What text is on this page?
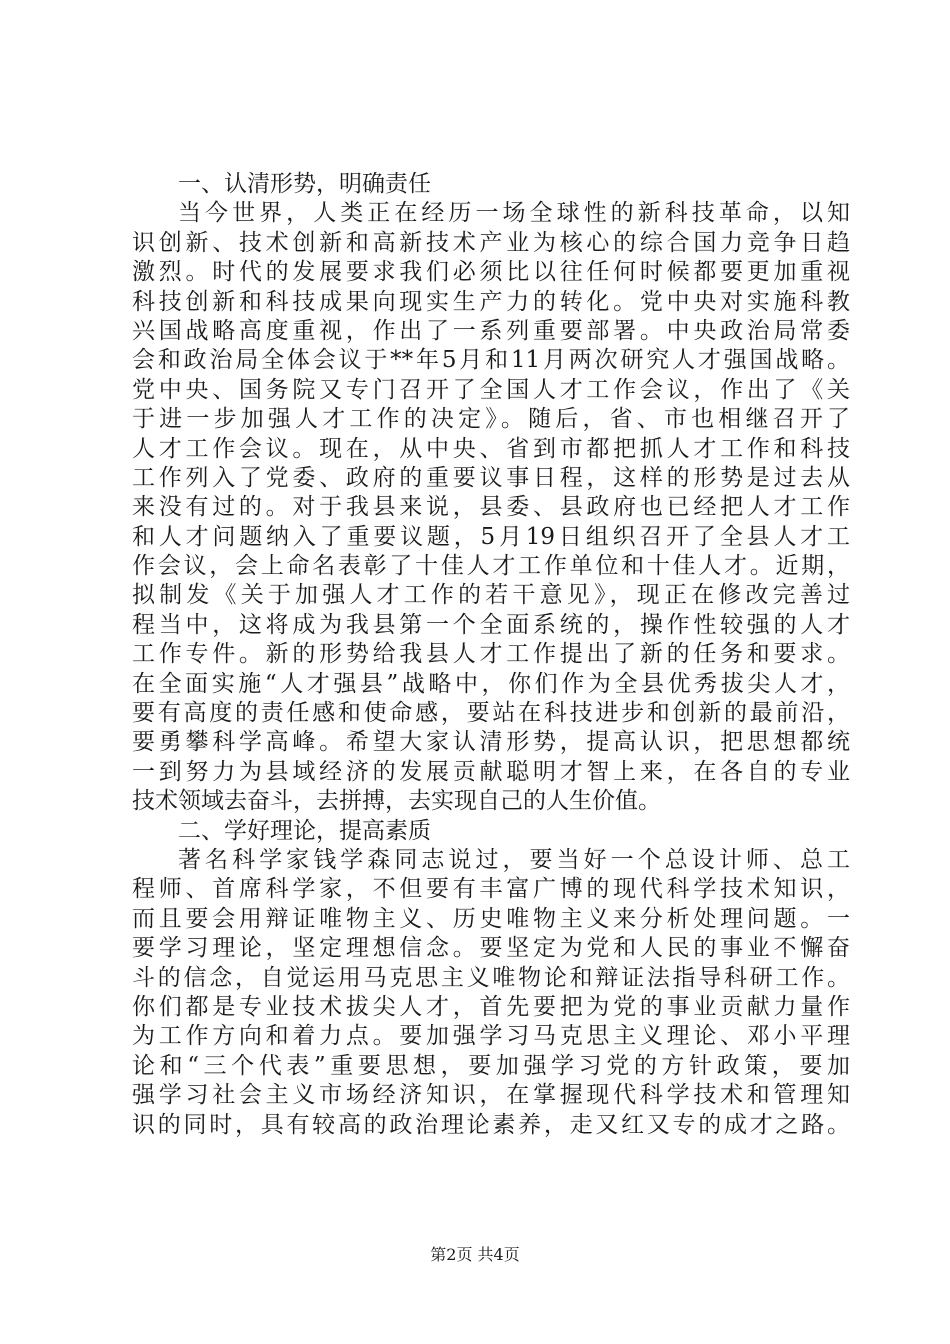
一、认清形势，明确责任
当今世界，人类正在经历一场全球性的新科技革命，以知
识创新、技术创新和高新技术产业为核心的综合国力竞争日趋
激烈。时代的发展要求我们必须比以往任何时候都要更加重视
科技创新和科技成果向现实生产力的转化。党中央对实施科教
兴国战略高度重视，作出了一系列重要部署。中央政治局常委
会和政治局全体会议于**年5月和11月两次研究人才强国战略。
党中央、国务院又专门召开了全国人才工作会议，作出了《关
于进一步加强人才工作的决定》。随后，省、市也相继召开了
人才工作会议。现在，从中央、省到市都把抓人才工作和科技
工作列入了党委、政府的重要议事日程，这样的形势是过去从
来没有过的。对于我县来说，县委、县政府也已经把人才工作
和人才问题纳入了重要议题，5月19日组织召开了全县人才工
作会议，会上命名表彰了十佳人才工作单位和十佳人才。近期，
拟制发《关于加强人才工作的若干意见》，现正在修改完善过
程当中，这将成为我县第一个全面系统的，操作性较强的人才
工作专件。新的形势给我县人才工作提出了新的任务和要求。
在全面实施“人才强县”战略中，你们作为全县优秀拔尖人才，
要有高度的责任感和使命感，要站在科技进步和创新的最前沿，
要勇攀科学高峰。希望大家认清形势，提高认识，把思想都统
一到努力为县域经济的发展贡献聪明才智上来，在各自的专业
技术领域去奋斗，去拼搏，去实现自己的人生价值。
二、学好理论，提高素质
著名科学家钱学森同志说过，要当好一个总设计师、总工
程师、首席科学家，不但要有丰富广博的现代科学技术知识，
而且要会用辩证唯物主义、历史唯物主义来分析处理问题。一
要学习理论，坚定理想信念。要坚定为党和人民的事业不懈奋
斗的信念，自觉运用马克思主义唯物论和辩证法指导科研工作。
你们都是专业技术拔尖人才，首先要把为党的事业贡献力量作
为工作方向和着力点。要加强学习马克思主义理论、邓小平理
论和“三个代表”重要思想，要加强学习党的方针政策，要加
强学习社会主义市场经济知识，在掌握现代科学技术和管理知
识的同时，具有较高的政治理论素养，走又红又专的成才之路。
第2页 共4页
